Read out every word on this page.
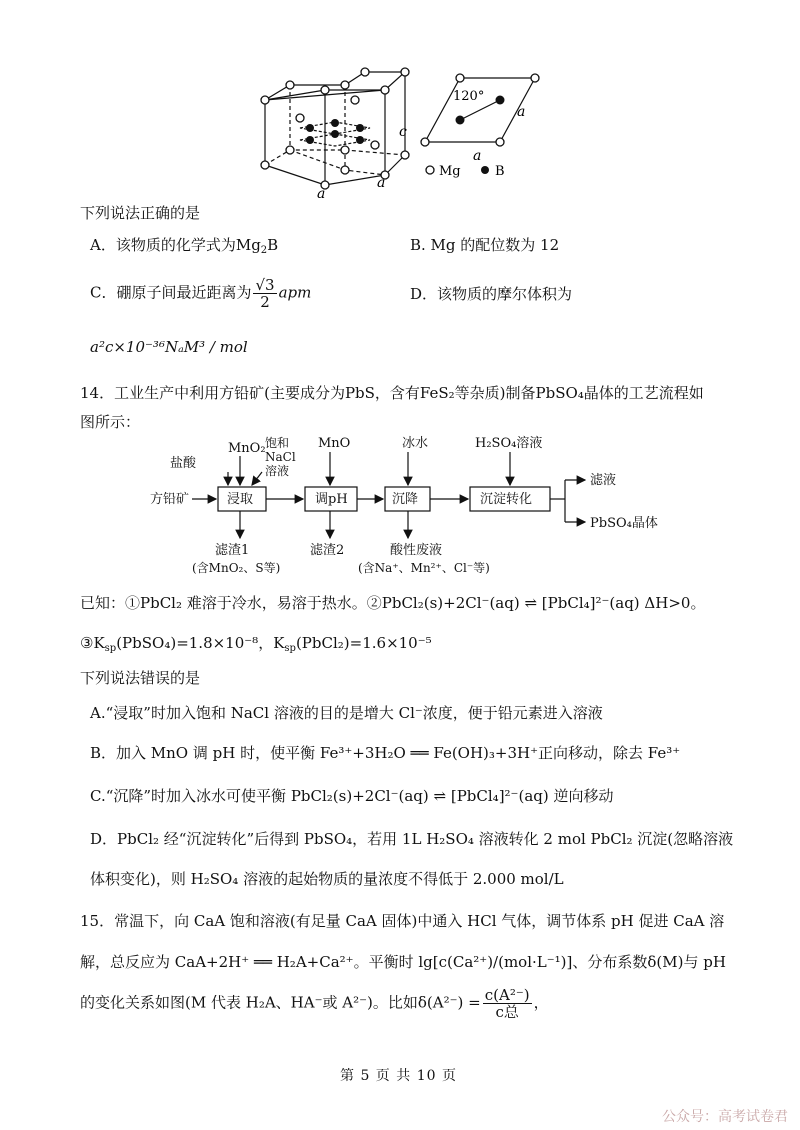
c
a
a
120°
a
a
Mg	B
下列说法正确的是
A．该物质的化学式为$Mg_2B$	B. Mg 的配位数为 12
C．硼原子间最近距离为 $\frac{√3}{2}$ apm	D．该物质的摩尔体积为
a²c×10⁻³⁶NₐM³ / mol
14．工业生产中利用方铅矿(主要成分为PbS，含有FeS₂等杂质)制备PbSO₄晶体的工艺流程如
图所示：
盐酸
MnO₂ 饱和
NaCl
溶液
MnO	冰水	H₂SO₄溶液
方铅矿	浸取	调pH	沉降	沉淀转化
滤液
PbSO₄晶体
滤渣1
(含MnO₂、S等)
滤渣2	酸性废液
(含Na⁺、Mn²⁺、Cl⁻等)
已知：①PbCl₂ 难溶于冷水，易溶于热水。②PbCl₂(s)+2Cl⁻(aq) ⇌ [PbCl₄]²⁻(aq) ΔH>0。
$③K_{sp}(PbSO_4)=1.8\times 10^{-8}$，$K_{sp}(PbCl_2)=1.6\times 10^{-5}$
下列说法错误的是
A.“浸取”时加入饱和 NaCl 溶液的目的是增大 Cl⁻浓度，便于铅元素进入溶液
B．加入 MnO 调 pH 时，使平衡 Fe³⁺+3H₂O ══ Fe(OH)₃+3H⁺正向移动，除去 Fe³⁺
C.“沉降”时加入冰水可使平衡 PbCl₂(s)+2Cl⁻(aq) ⇌ [PbCl₄]²⁻(aq) 逆向移动
D．PbCl₂ 经“沉淀转化”后得到 PbSO₄，若用 1L H₂SO₄ 溶液转化 2 mol PbCl₂ 沉淀(忽略溶液
体积变化)，则 H₂SO₄ 溶液的起始物质的量浓度不得低于 2.000 mol/L
15．常温下，向 CaA 饱和溶液(有足量 CaA 固体)中通入 HCl 气体，调节体系 pH 促进 CaA 溶
解，总反应为 CaA+2H⁺ ══ H₂A+Ca²⁺。平衡时 lg[c(Ca²⁺)/(mol·L⁻¹)]、分布系数δ(M)与 pH
的变化关系如图(M 代表 H₂A、HA⁻或 A²⁻)。比如$\delta(A^{2-}) = \frac{\text{c(A²⁻)}}{\text{c总}}$ ，
第 5 页 共 10 页
公众号：高考试卷君
